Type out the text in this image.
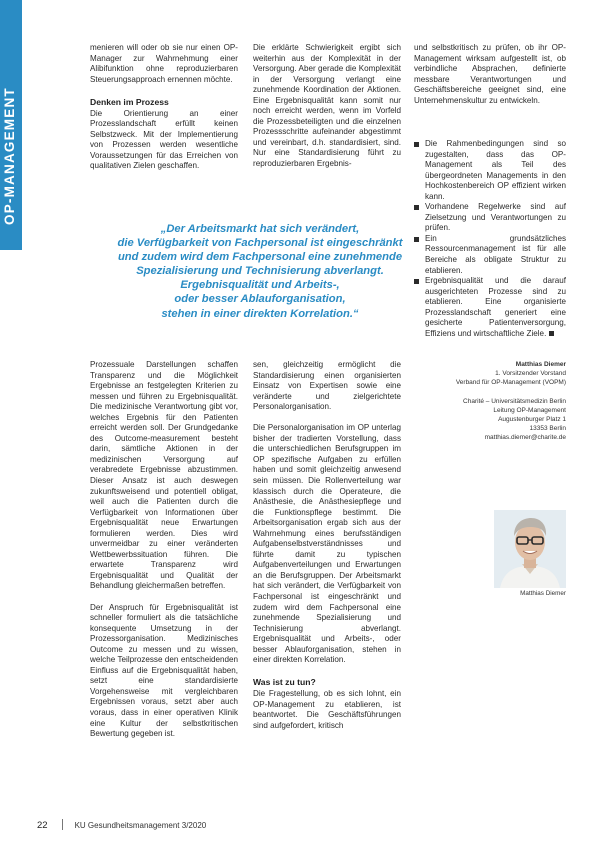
OP-MANAGEMENT

menieren will oder ob sie nur einen OP-Manager zur Wahrnehmung einer Alibifunktion ohne reproduzierbaren Steuerungsapproach ernennen möchte.

Denken im Prozess

Die Orientierung an einer Prozesslandschaft erfüllt keinen Selbstzweck. Mit der Implementierung von Prozessen werden wesentliche Voraussetzungen für das Erreichen von qualitativen Zielen geschaffen.

Die erklärte Schwierigkeit ergibt sich weiterhin aus der Komplexität in der Versorgung. Aber gerade die Komplexität in der Versorgung verlangt eine zunehmende Koordination der Aktionen. Eine Ergebnisqualität kann somit nur noch erreicht werden, wenn im Vorfeld die Prozessbeteiligten und die einzelnen Prozessschritte aufeinander abgestimmt und vereinbart, d.h. standardisiert, sind. Nur eine Standardisierung führt zu reproduzierbaren Ergebnis-

und selbstkritisch zu prüfen, ob ihr OP-Management wirksam aufgestellt ist, ob verbindliche Absprachen, definierte messbare Verantwortungen und Geschäftsbereiche geeignet sind, eine Unternehmenskultur zu entwickeln.

Die Rahmenbedingungen sind so zugestalten, dass das OP-Management als Teil des übergeordneten Managements in den Hochkostenbereich OP effizient wirken kann.
Vorhandene Regelwerke sind auf Zielsetzung und Verantwortungen zu prüfen.
Ein grundsätzliches Ressourcenmanagement ist für alle Bereiche als obligate Struktur zu etablieren.
Ergebnisqualität und die darauf ausgerichteten Prozesse sind zu etablieren. Eine organisierte Prozesslandschaft generiert eine gesicherte Patientenversorgung, Effiziens und wirtschaftliche Ziele.
„Der Arbeitsmarkt hat sich verändert,
die Verfügbarkeit von Fachpersonal ist eingeschränkt
und zudem wird dem Fachpersonal eine zunehmende
Spezialisierung und Technisierung abverlangt.
Ergebnisqualität und Arbeits-,
oder besser Ablauforganisation,
stehen in einer direkten Korrelation.“

Prozessuale Darstellungen schaffen Transparenz und die Möglichkeit Ergebnisse an festgelegten Kriterien zu messen und führen zu Ergebnisqualität. Die medizinische Verantwortung gibt vor, welches Ergebnis für den Patienten erreicht werden soll. Der Grundgedanke des Outcome-measurement besteht darin, sämtliche Aktionen in der medizinischen Versorgung auf verabredete Ergebnisse abzustimmen. Dieser Ansatz ist auch deswegen zukunftsweisend und potentiell obligat, weil auch die Patienten durch die Verfügbarkeit von Informationen über Ergebnisqualität neue Erwartungen formulieren werden. Dies wird unvermeidbar zu einer veränderten Wettbewerbssituation führen. Die erwartete Transparenz wird Ergebnisqualität und Qualität der Behandlung gleichermaßen betreffen.

Der Anspruch für Ergebnisqualität ist schneller formuliert als die tatsächliche konsequente Umsetzung in der Prozessorganisation. Medizinisches Outcome zu messen und zu wissen, welche Teilprozesse den entscheidenden Einfluss auf die Ergebnisqualität haben, setzt eine standardisierte Vorgehensweise mit vergleichbaren Ergebnissen voraus, setzt aber auch voraus, dass in einer operativen Klinik eine Kultur der selbstkritischen Bewertung gegeben ist.

sen, gleichzeitig ermöglicht die Standardisierung einen organisierten Einsatz von Expertisen sowie eine veränderte und zielgerichtete Personalorganisation.

Die Personalorganisation im OP unterlag bisher der tradierten Vorstellung, dass die unterschiedlichen Berufsgruppen im OP spezifische Aufgaben zu erfüllen haben und somit gleichzeitig anwesend sein müssen. Die Rollenverteilung war klassisch durch die Operateure, die Anästhesie, die Anästhesiepflege und die Funktionspflege bestimmt. Die Arbeitsorganisation ergab sich aus der Wahrnehmung eines berufsständigen Aufgabenselbstverständnisses und führte damit zu typischen Aufgabenverteilungen und Erwartungen an die Berufsgruppen. Der Arbeitsmarkt hat sich verändert, die Verfügbarkeit von Fachpersonal ist eingeschränkt und zudem wird dem Fachpersonal eine zunehmende Spezialisierung und Technisierung abverlangt. Ergebnisqualität und Arbeits-, oder besser Ablauforganisation, stehen in einer direkten Korrelation.

Was ist zu tun?

Die Fragestellung, ob es sich lohnt, ein OP-Management zu etablieren, ist beantwortet. Die Geschäftsführungen sind aufgefordert, kritisch

Matthias Diemer
1. Vorsitzender Vorstand
Verband für OP-Management (VOPM)
Charité – Universitätsmedizin Berlin
Leitung OP-Management
Augustenburger Platz 1
13353 Berlin
matthias.diemer@charite.de
Matthias Diemer
22	KU Gesundheitsmanagement 3/2020
